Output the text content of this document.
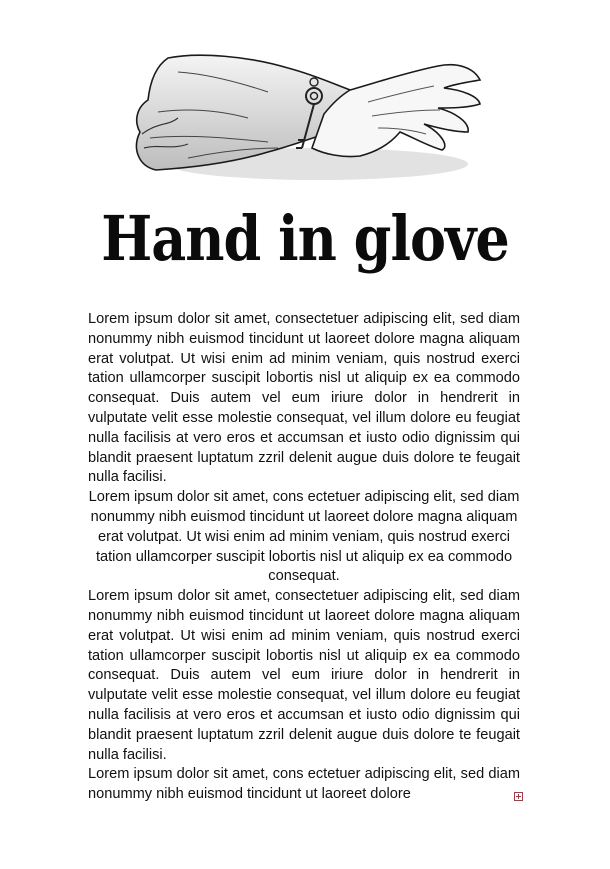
Hand in glove

Lorem ipsum dolor sit amet, consectetuer adipiscing elit, sed diam nonummy nibh euismod tincidunt ut laoreet dolore magna aliquam erat volutpat. Ut wisi enim ad minim veniam, quis nostrud exerci tation ullamcorper suscipit lobortis nisl ut aliquip ex ea commodo consequat. Duis autem vel eum iriure dolor in hendrerit in vulputate velit esse molestie consequat, vel illum dolore eu feugiat nulla facilisis at vero eros et accumsan et iusto odio dignissim qui blandit praesent luptatum zzril delenit augue duis dolore te feugait nulla facilisi.

Lorem ipsum dolor sit amet, cons ectetuer adipiscing elit, sed diam nonummy nibh euismod tincidunt ut laoreet dolore magna aliquam erat volutpat. Ut wisi enim ad minim veniam, quis nostrud exerci tation ullamcorper suscipit lobortis nisl ut aliquip ex ea commodo consequat.

Lorem ipsum dolor sit amet, consectetuer adipiscing elit, sed diam nonummy nibh euismod tincidunt ut laoreet dolore magna aliquam erat volutpat. Ut wisi enim ad minim veniam, quis nostrud exerci tation ullamcorper suscipit lobortis nisl ut aliquip ex ea commodo consequat. Duis autem vel eum iriure dolor in hendrerit in vulputate velit esse molestie consequat, vel illum dolore eu feugiat nulla facilisis at vero eros et accumsan et iusto odio dignissim qui blandit praesent luptatum zzril delenit augue duis dolore te feugait nulla facilisi.

Lorem ipsum dolor sit amet, cons ectetuer adipiscing elit, sed diam nonummy nibh euismod tincidunt ut laoreet dolore
